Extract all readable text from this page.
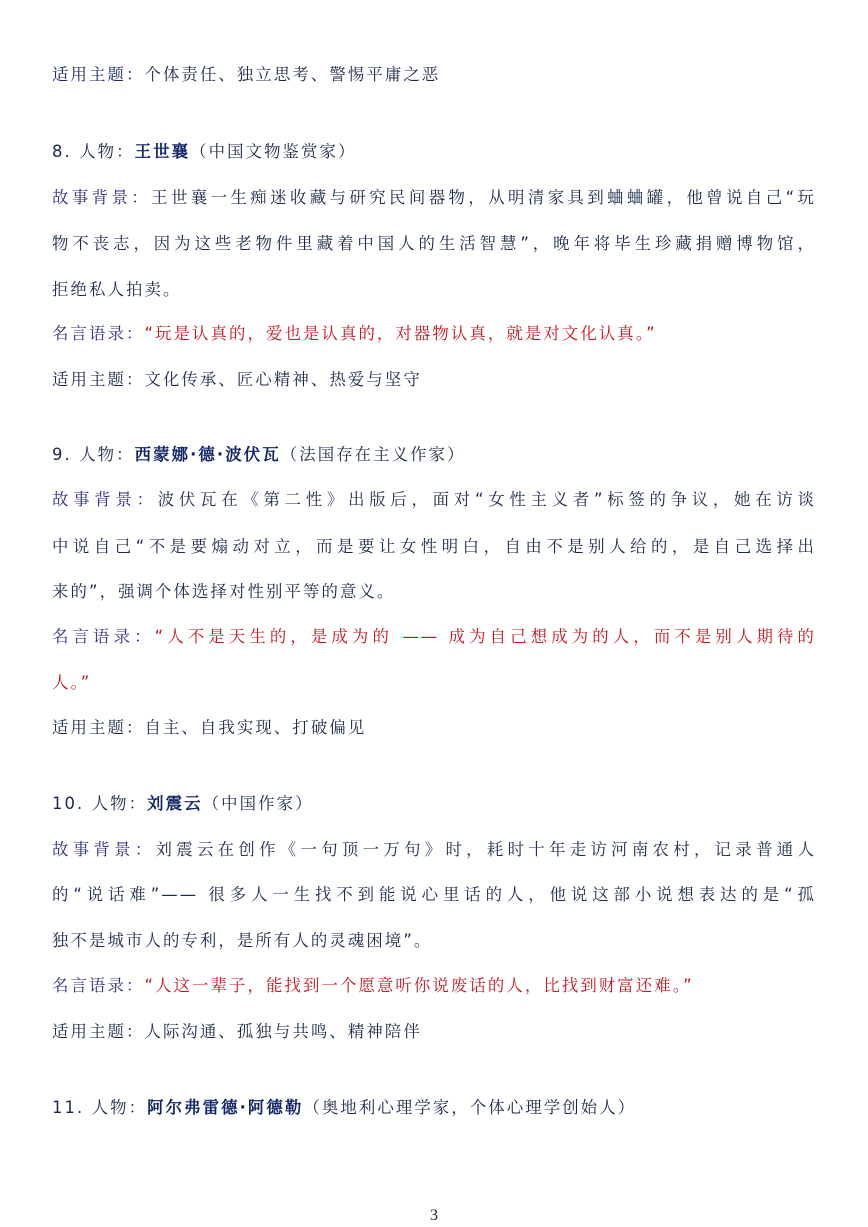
适用主题：个体责任、独立思考、警惕平庸之恶
8. 人物：王世襄（中国文物鉴赏家）
故事背景：王世襄一生痴迷收藏与研究民间器物，从明清家具到蛐蛐罐，他曾说自己“玩
物不丧志，因为这些老物件里藏着中国人的生活智慧”，晚年将毕生珍藏捐赠博物馆，
拒绝私人拍卖。
名言语录：“玩是认真的，爱也是认真的，对器物认真，就是对文化认真。”
适用主题：文化传承、匠心精神、热爱与坚守
9. 人物：西蒙娜·德·波伏瓦（法国存在主义作家）
故事背景：波伏瓦在《第二性》出版后，面对“女性主义者”标签的争议，她在访谈
中说自己“不是要煽动对立，而是要让女性明白，自由不是别人给的，是自己选择出
来的”，强调个体选择对性别平等的意义。
名言语录：“人不是天生的，是成为的 —— 成为自己想成为的人，而不是别人期待的
人。”
适用主题：自主、自我实现、打破偏见
10. 人物：刘震云（中国作家）
故事背景：刘震云在创作《一句顶一万句》时，耗时十年走访河南农村，记录普通人
的“说话难”—— 很多人一生找不到能说心里话的人，他说这部小说想表达的是“孤
独不是城市人的专利，是所有人的灵魂困境”。
名言语录：“人这一辈子，能找到一个愿意听你说废话的人，比找到财富还难。”
适用主题：人际沟通、孤独与共鸣、精神陪伴
11. 人物：阿尔弗雷德·阿德勒（奥地利心理学家，个体心理学创始人）
3
